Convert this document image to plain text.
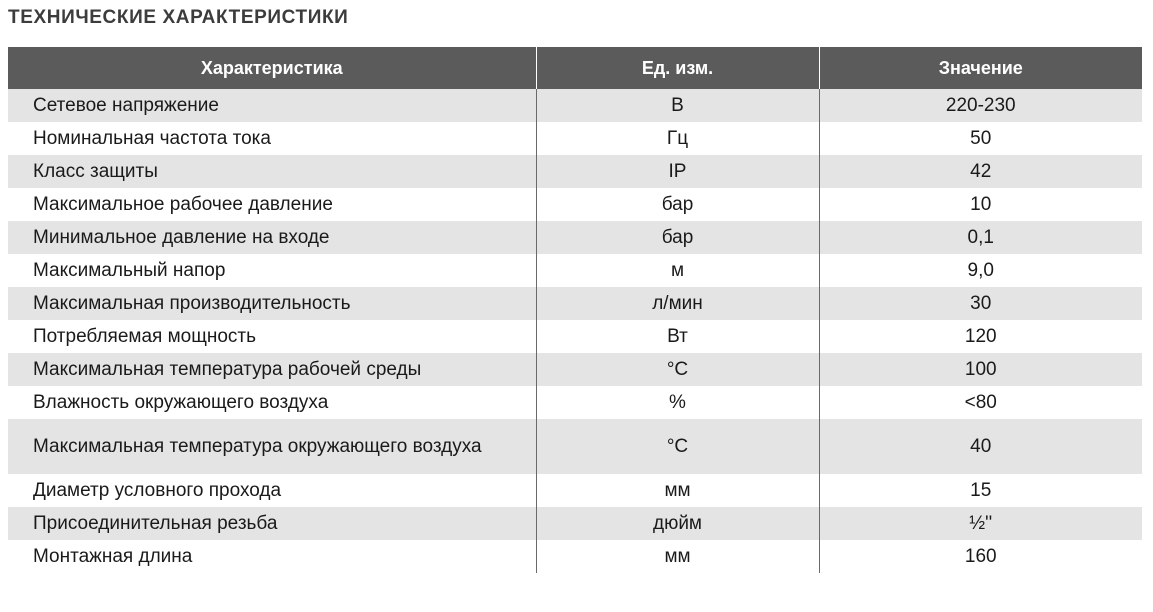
ТЕХНИЧЕСКИЕ ХАРАКТЕРИСТИКИ
Характеристика	Ед. изм.	Значение
Сетевое напряжение	В	220-230
Номинальная частота тока	Гц	50
Класс защиты	IP	42
Максимальное рабочее давление	бар	10
Минимальное давление на входе	бар	0,1
Максимальный напор	м	9,0
Максимальная производительность	л/мин	30
Потребляемая мощность	Вт	120
Максимальная температура рабочей среды	°С	100
Влажность окружающего воздуха	%	<80
Максимальная температура окружающего воздуха	°С	40
Диаметр условного прохода	мм	15
Присоединительная резьба	дюйм	½''
Монтажная длина	мм	160
